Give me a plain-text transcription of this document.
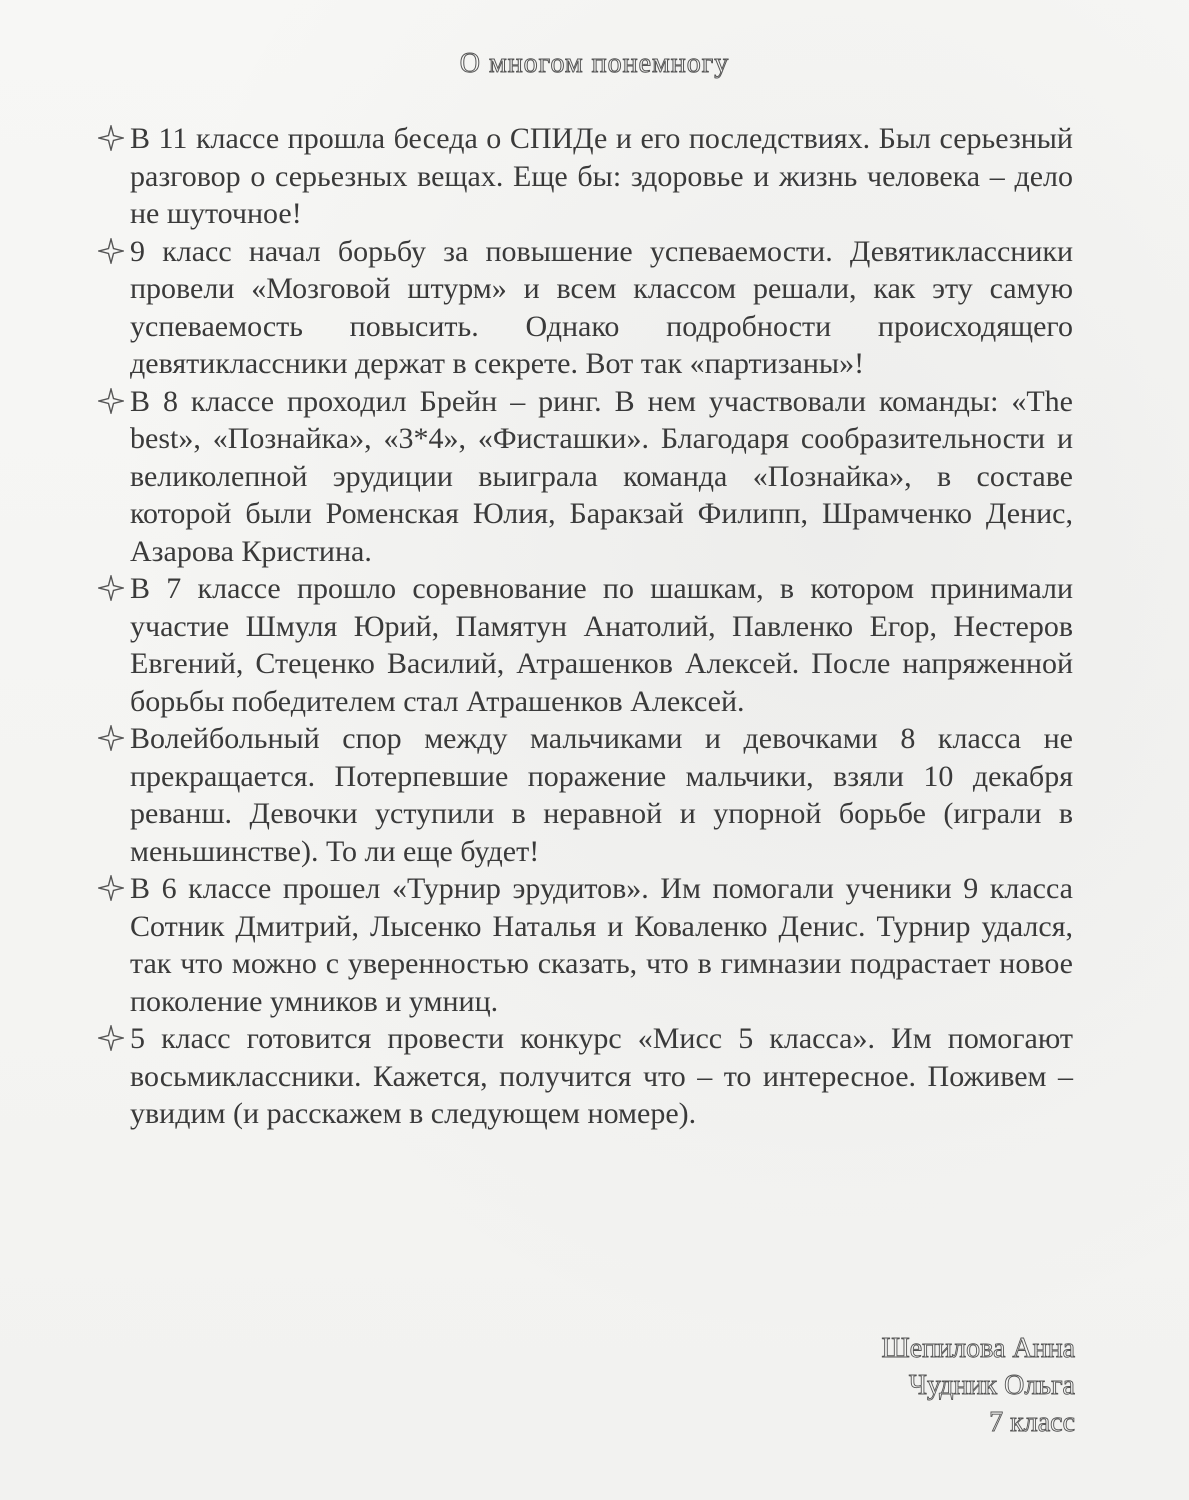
О многом понемногу
В 11 классе прошла беседа о СПИДе и его последствиях. Был серьезный разговор о серьезных вещах. Еще бы: здоровье и жизнь человека – дело не шуточное!
9 класс начал борьбу за повышение успеваемости. Девятиклассники провели «Мозговой штурм» и всем классом решали, как эту самую успеваемость повысить. Однако подробности происходящего девятиклассники держат в секрете. Вот так «партизаны»!
В 8 классе проходил Брейн – ринг. В нем участвовали команды: «The best», «Познайка», «3*4», «Фисташки». Благодаря сообразительности и великолепной эрудиции выиграла команда «Познайка», в составе которой были Роменская Юлия, Баракзай Филипп, Шрамченко Денис, Азарова Кристина.
В 7 классе прошло соревнование по шашкам, в котором принимали участие Шмуля Юрий, Памятун Анатолий, Павленко Егор, Нестеров Евгений, Стеценко Василий, Атрашенков Алексей. После напряженной борьбы победителем стал Атрашенков Алексей.
Волейбольный спор между мальчиками и девочками 8 класса не прекращается. Потерпевшие поражение мальчики, взяли 10 декабря реванш. Девочки уступили в неравной и упорной борьбе (играли в меньшинстве). То ли еще будет!
В 6 классе прошел «Турнир эрудитов». Им помогали ученики 9 класса Сотник Дмитрий, Лысенко Наталья и Коваленко Денис. Турнир удался, так что можно с уверенностью сказать, что в гимназии подрастает новое поколение умников и умниц.
5 класс готовится провести конкурс «Мисс 5 класса». Им помогают восьмиклассники. Кажется, получится что – то интересное. Поживем – увидим (и расскажем в следующем номере).
Шепилова Анна
Чудник Ольга
7 класс
